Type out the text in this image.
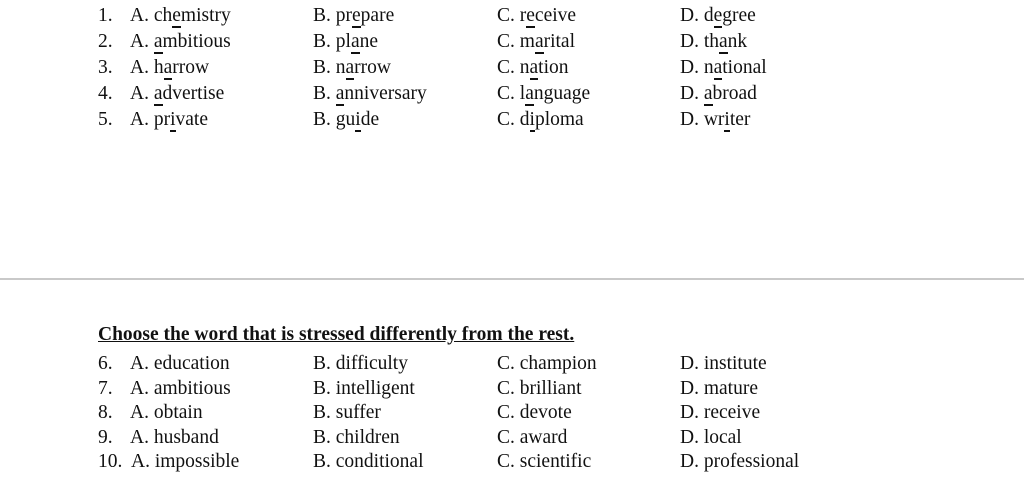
1. A. chemistry	B. prepare	C. receive	D. degree
2. A. ambitious	B. plane	C. marital	D. thank
3. A. harrow	B. narrow	C. nation	D. national
4. A. advertise	B. anniversary	C. language	D. abroad
5. A. private	B. guide	C. diploma	D. writer
Choose the word that is stressed differently from the rest.
6. A. education	B. difficulty	C. champion	D. institute
7. A. ambitious	B. intelligent	C. brilliant	D. mature
8. A. obtain	B. suffer	C. devote	D. receive
9. A. husband	B. children	C. award	D. local
10. A. impossible	B. conditional	C. scientific	D. professional
